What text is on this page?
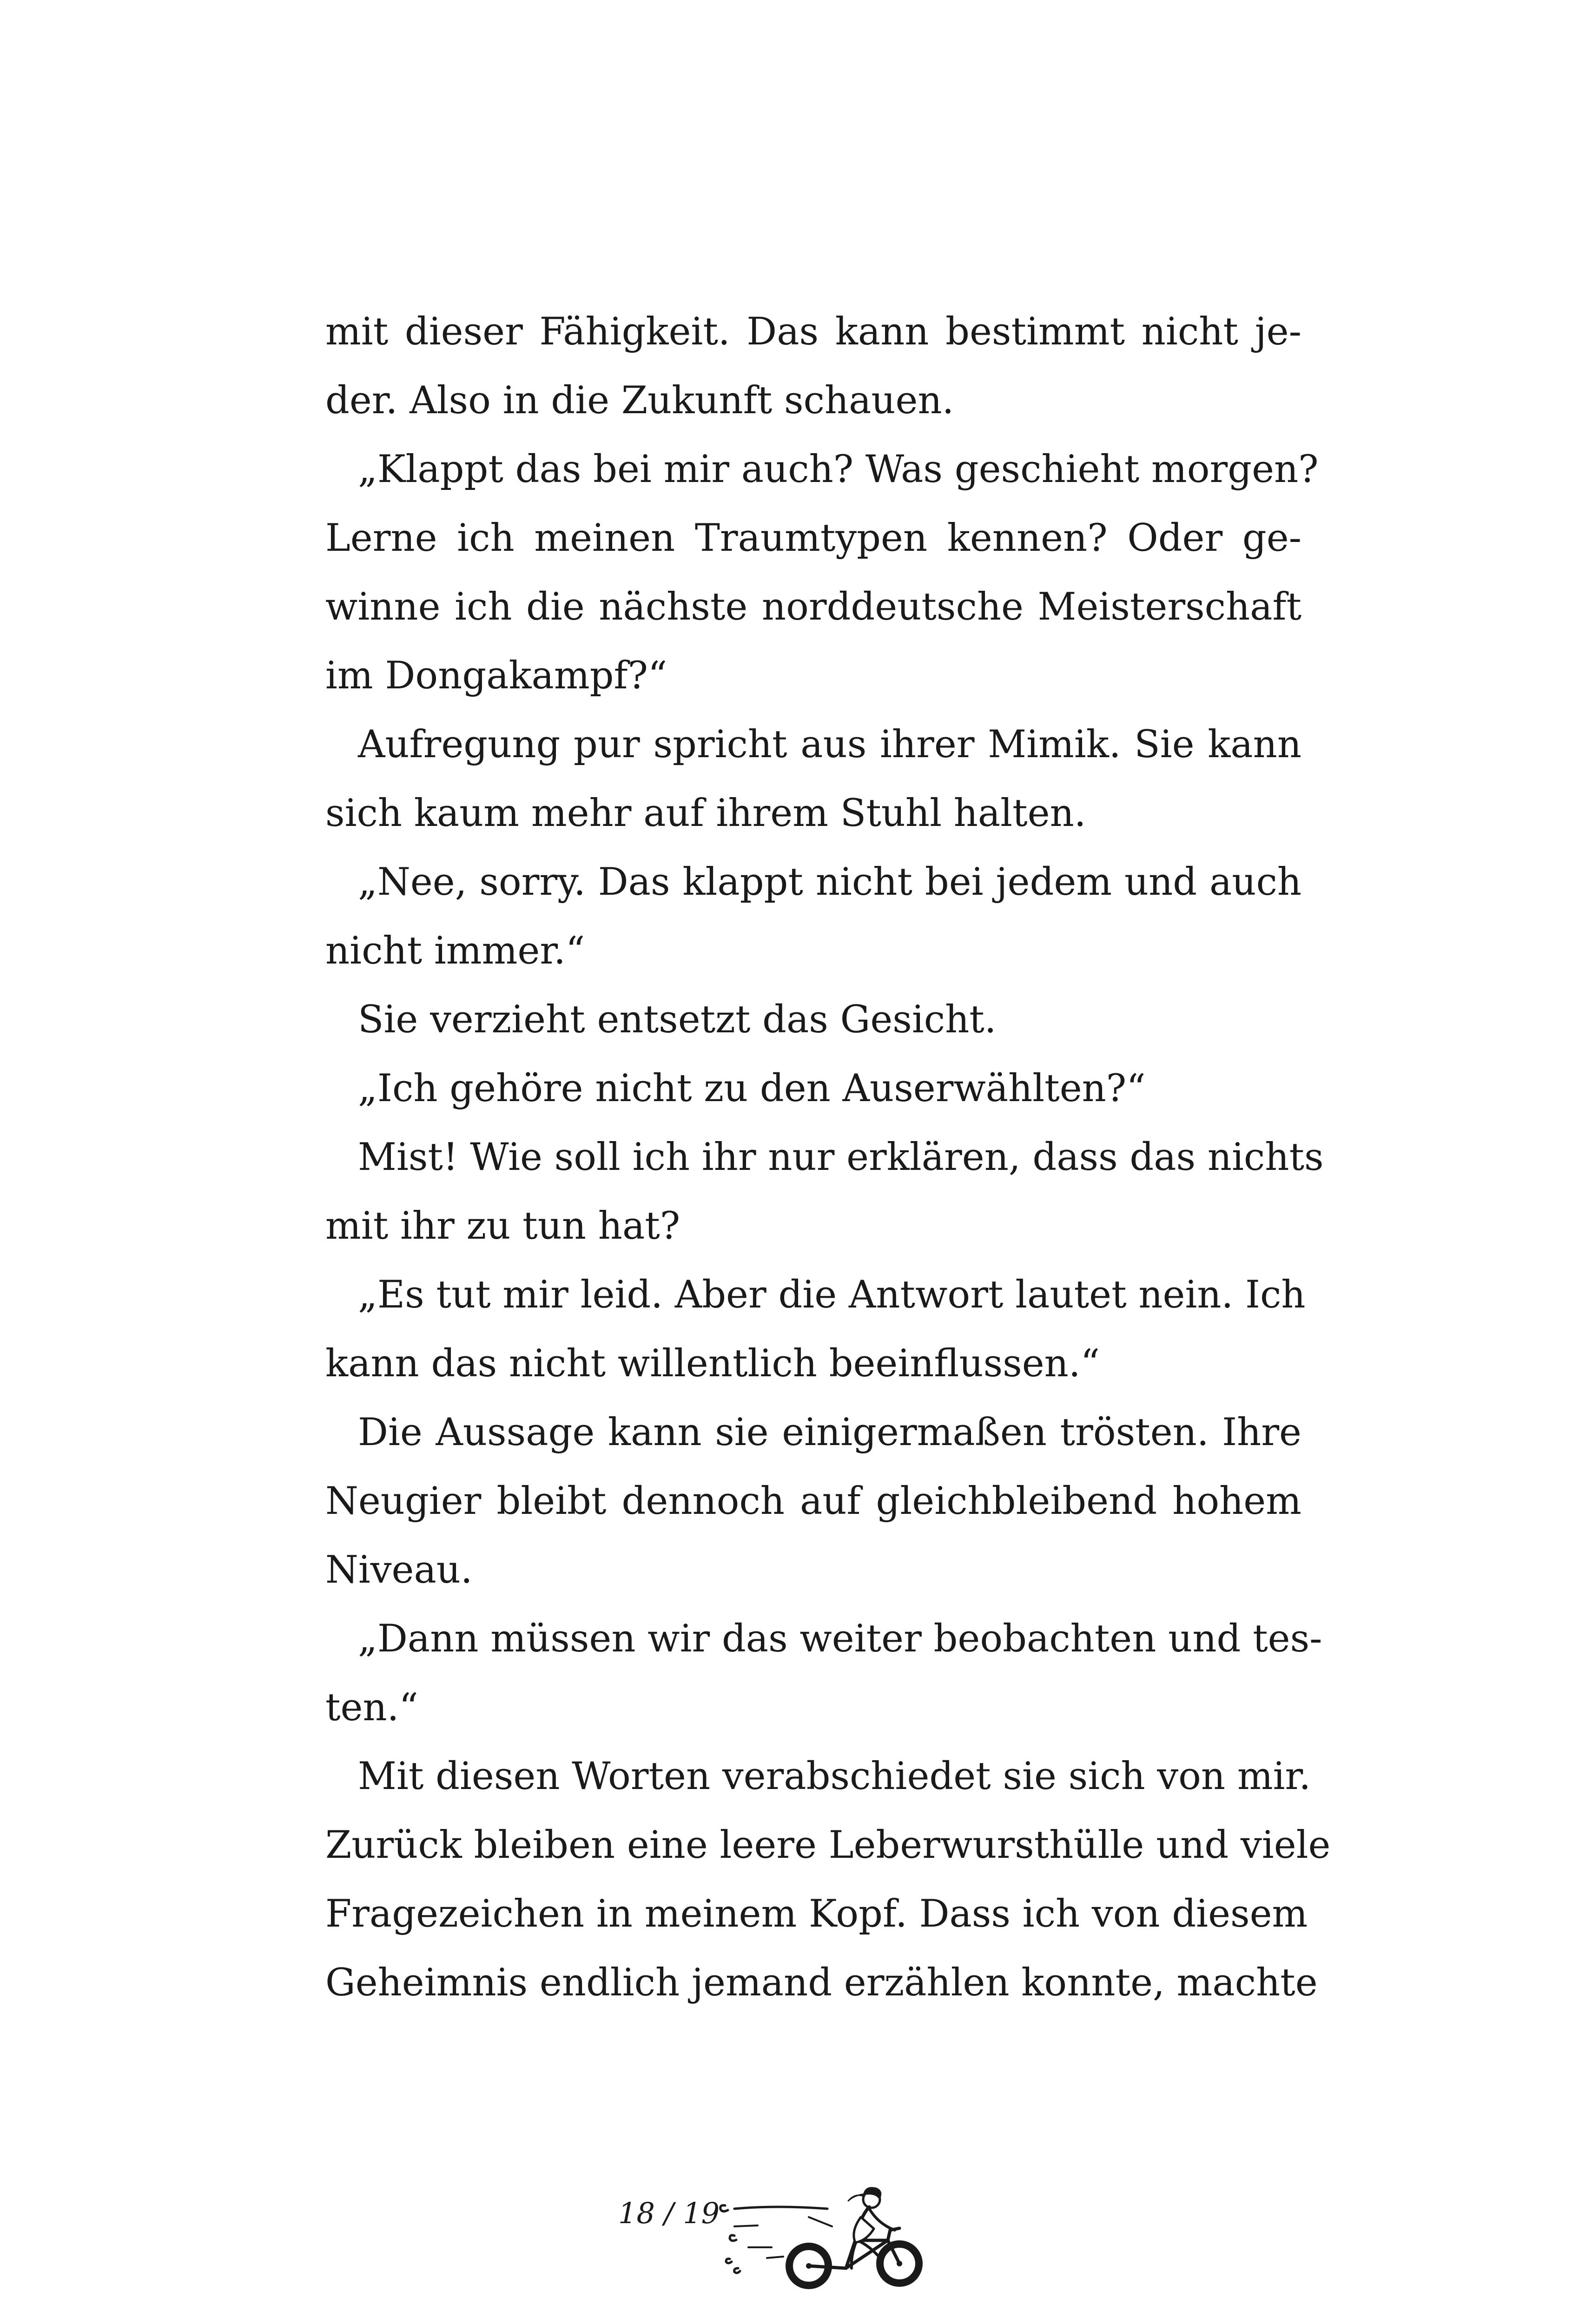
mit dieser Fähigkeit. Das kann bestimmt nicht je-
der. Also in die Zukunft schauen.
„Klappt das bei mir auch? Was geschieht morgen?
Lerne ich meinen Traumtypen kennen? Oder ge-
winne ich die nächste norddeutsche Meisterschaft
im Dongakampf?“
Aufregung pur spricht aus ihrer Mimik. Sie kann
sich kaum mehr auf ihrem Stuhl halten.
„Nee, sorry. Das klappt nicht bei jedem und auch
nicht immer.“
Sie verzieht entsetzt das Gesicht.
„Ich gehöre nicht zu den Auserwählten?“
Mist! Wie soll ich ihr nur erklären, dass das nichts
mit ihr zu tun hat?
„Es tut mir leid. Aber die Antwort lautet nein. Ich
kann das nicht willentlich beeinflussen.“
Die Aussage kann sie einigermaßen trösten. Ihre
Neugier bleibt dennoch auf gleichbleibend hohem
Niveau.
„Dann müssen wir das weiter beobachten und tes-
ten.“
Mit diesen Worten verabschiedet sie sich von mir.
Zurück bleiben eine leere Leberwursthülle und viele
Fragezeichen in meinem Kopf. Dass ich von diesem
Geheimnis endlich jemand erzählen konnte, machte
18 / 19
